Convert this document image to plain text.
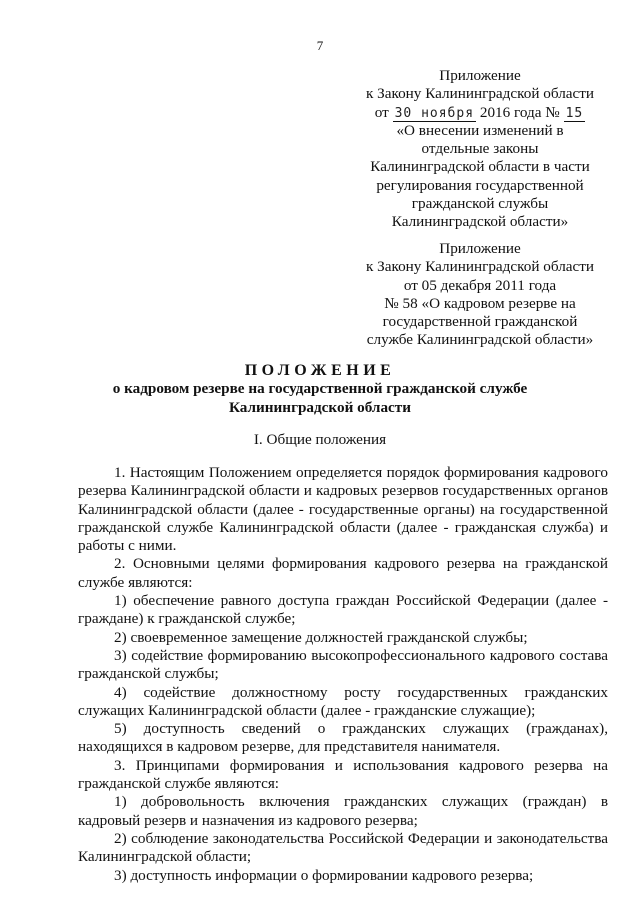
7
Приложение
к Закону Калининградской области
от 30 ноября 2016 года № 15
«О внесении изменений в
отдельные законы
Калининградской области в части
регулирования государственной
гражданской службы
Калининградской области»
Приложение
к Закону Калининградской области
от 05 декабря 2011 года
№ 58 «О кадровом резерве на
государственной гражданской
службе Калининградской области»
ПОЛОЖЕНИЕ
о кадровом резерве на государственной гражданской службе
Калининградской области
I. Общие положения

1. Настоящим Положением определяется порядок формирования кадрового резерва Калининградской области и кадровых резервов государственных органов Калининградской области (далее - государственные органы) на государственной гражданской службе Калининградской области (далее - гражданская служба) и работы с ними.

2. Основными целями формирования кадрового резерва на гражданской службе являются:

1) обеспечение равного доступа граждан Российской Федерации (далее - граждане) к гражданской службе;

2) своевременное замещение должностей гражданской службы;

3) содействие формированию высокопрофессионального кадрового состава гражданской службы;

4) содействие должностному росту государственных гражданских служащих Калининградской области (далее - гражданские служащие);

5) доступность сведений о гражданских служащих (гражданах), находящихся в кадровом резерве, для представителя нанимателя.

3. Принципами формирования и использования кадрового резерва на гражданской службе являются:

1) добровольность включения гражданских служащих (граждан) в кадровый резерв и назначения из кадрового резерва;

2) соблюдение законодательства Российской Федерации и законодательства Калининградской области;

3) доступность информации о формировании кадрового резерва;
